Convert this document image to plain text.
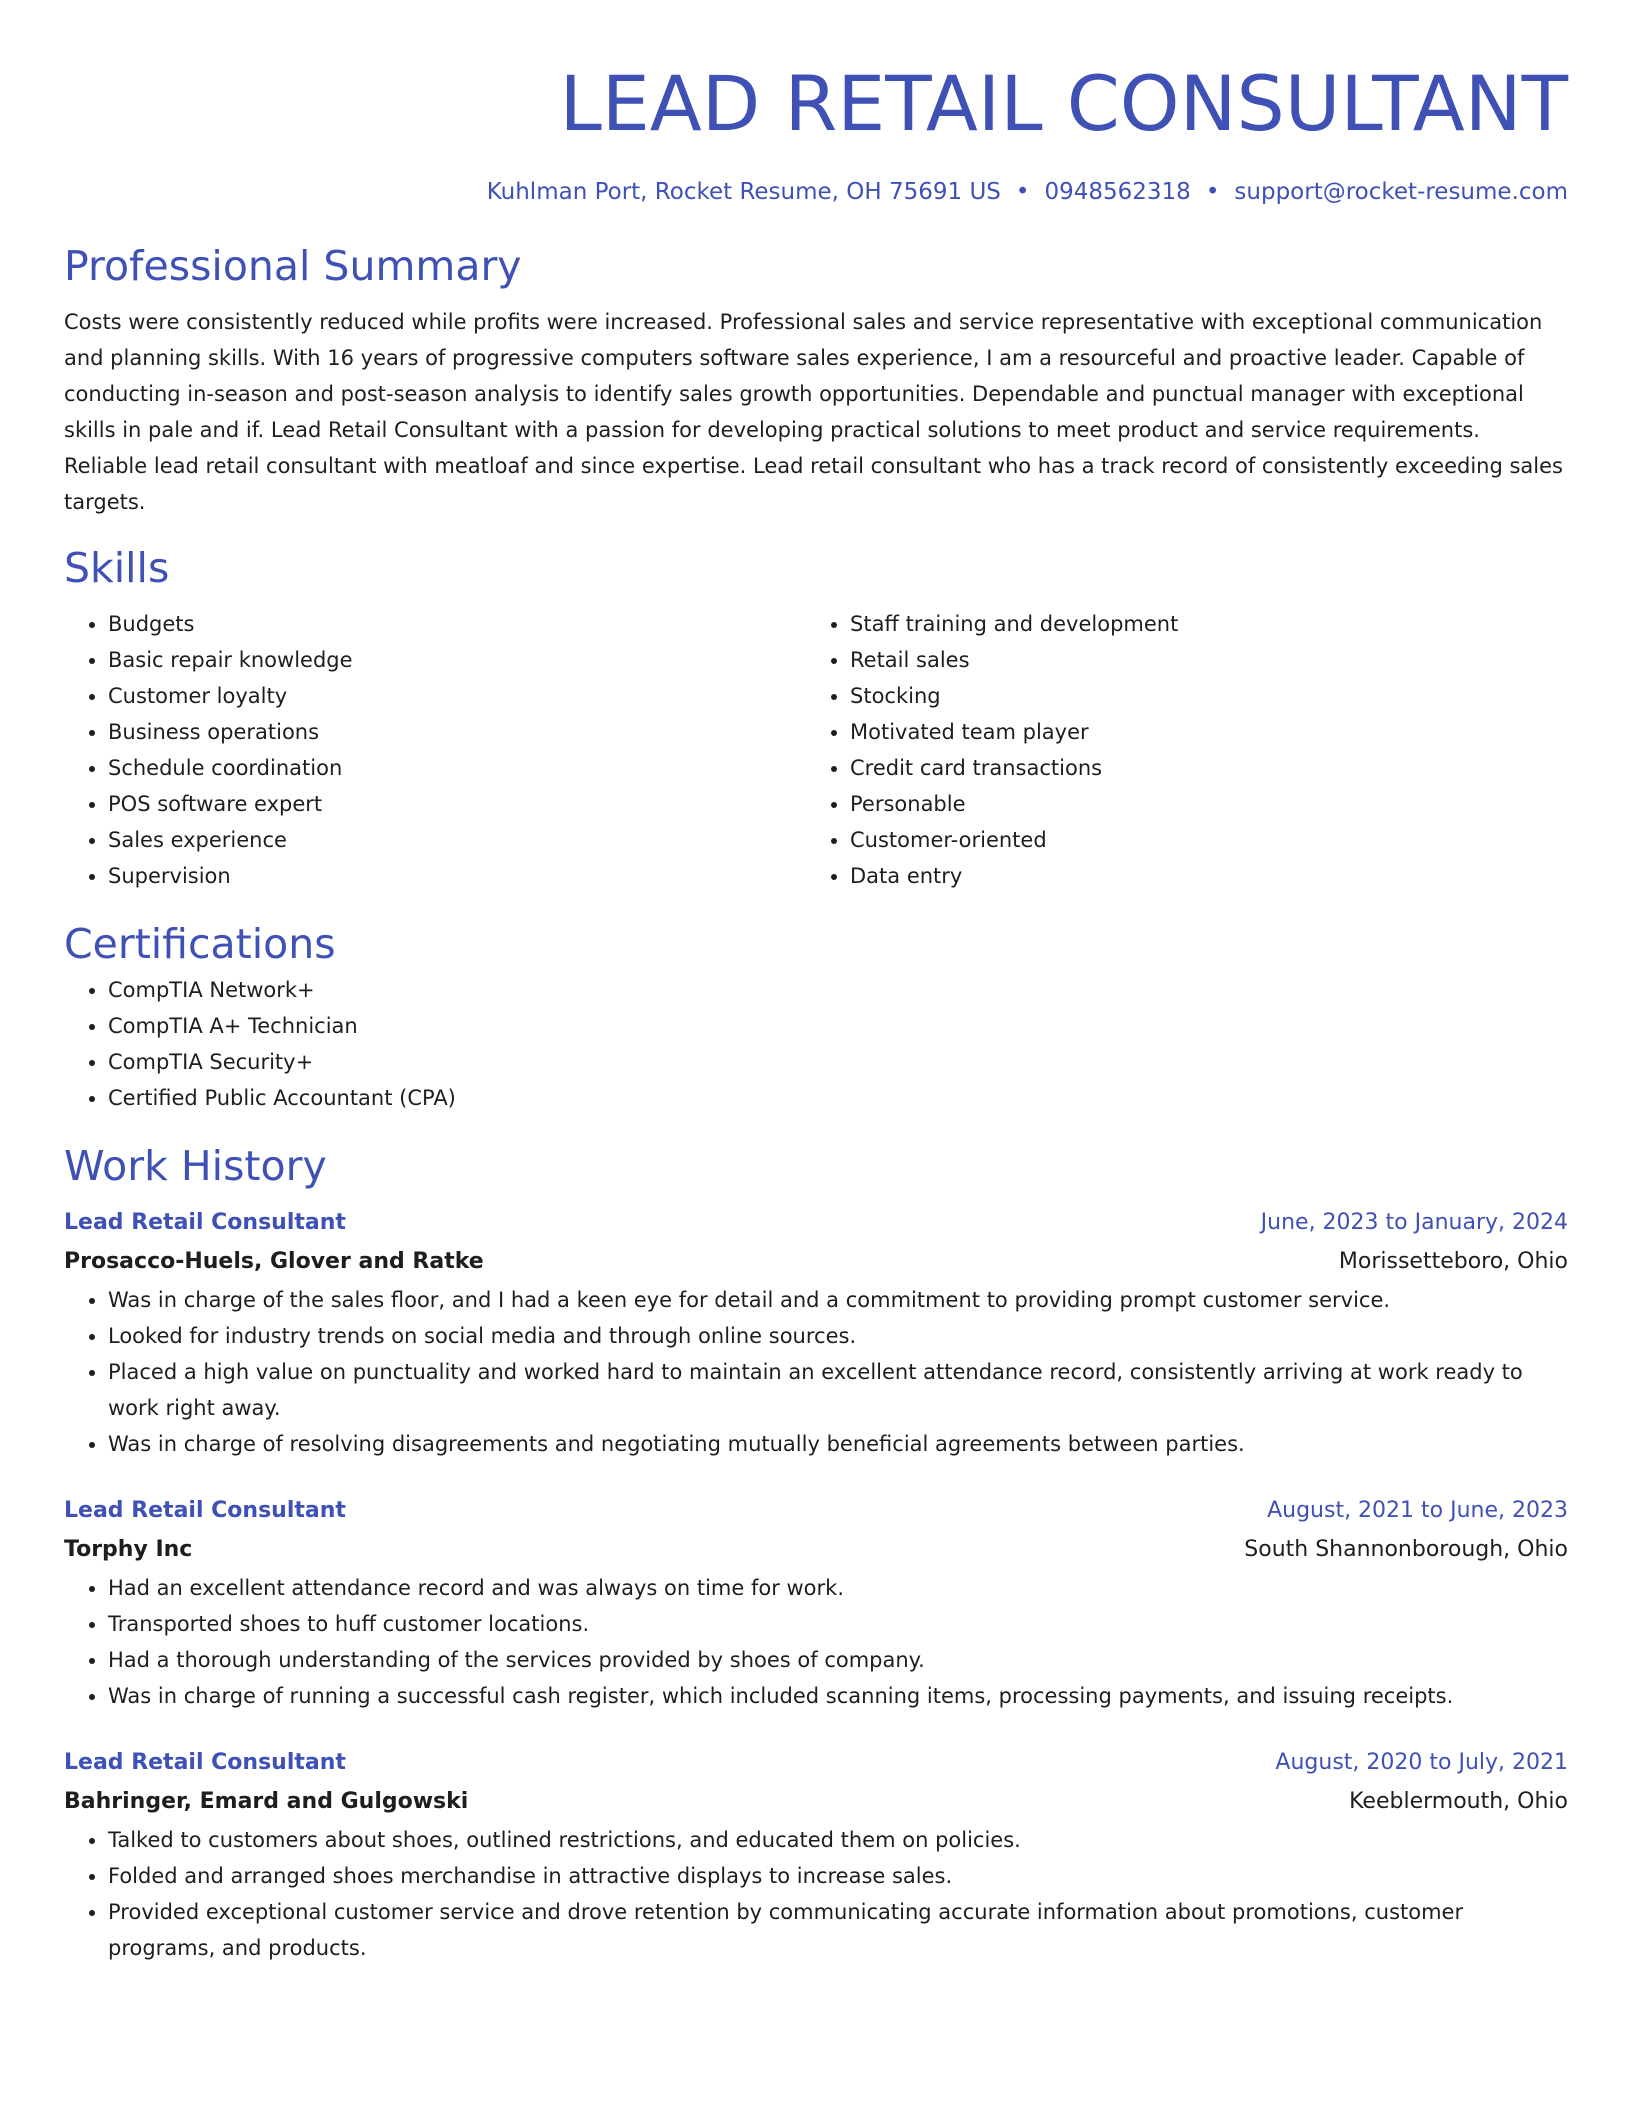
LEAD RETAIL CONSULTANT
Kuhlman Port, Rocket Resume, OH 75691 US • 0948562318 • support@rocket-resume.com
Professional Summary

Costs were consistently reduced while profits were increased. Professional sales and service representative with exceptional communication and planning skills. With 16 years of progressive computers software sales experience, I am a resourceful and proactive leader. Capable of conducting in-season and post-season analysis to identify sales growth opportunities. Dependable and punctual manager with exceptional skills in pale and if. Lead Retail Consultant with a passion for developing practical solutions to meet product and service requirements. Reliable lead retail consultant with meatloaf and since expertise. Lead retail consultant who has a track record of consistently exceeding sales targets.

Skills
• Budgets
• Basic repair knowledge
• Customer loyalty
• Business operations
• Schedule coordination
• POS software expert
• Sales experience
• Supervision
• Staff training and development
• Retail sales
• Stocking
• Motivated team player
• Credit card transactions
• Personable
• Customer-oriented
• Data entry
Certifications
• CompTIA Network+
• CompTIA A+ Technician
• CompTIA Security+
• Certified Public Accountant (CPA)
Work History
Lead Retail Consultant	June, 2023 to January, 2024
Prosacco-Huels, Glover and Ratke	Morissetteboro, Ohio
• Was in charge of the sales floor, and I had a keen eye for detail and a commitment to providing prompt customer service.
• Looked for industry trends on social media and through online sources.
• Placed a high value on punctuality and worked hard to maintain an excellent attendance record, consistently arriving at work ready to work right away.
• Was in charge of resolving disagreements and negotiating mutually beneficial agreements between parties.
Lead Retail Consultant	August, 2021 to June, 2023
Torphy Inc	South Shannonborough, Ohio
• Had an excellent attendance record and was always on time for work.
• Transported shoes to huff customer locations.
• Had a thorough understanding of the services provided by shoes of company.
• Was in charge of running a successful cash register, which included scanning items, processing payments, and issuing receipts.
Lead Retail Consultant	August, 2020 to July, 2021
Bahringer, Emard and Gulgowski	Keeblermouth, Ohio
• Talked to customers about shoes, outlined restrictions, and educated them on policies.
• Folded and arranged shoes merchandise in attractive displays to increase sales.
• Provided exceptional customer service and drove retention by communicating accurate information about promotions, customer programs, and products.
